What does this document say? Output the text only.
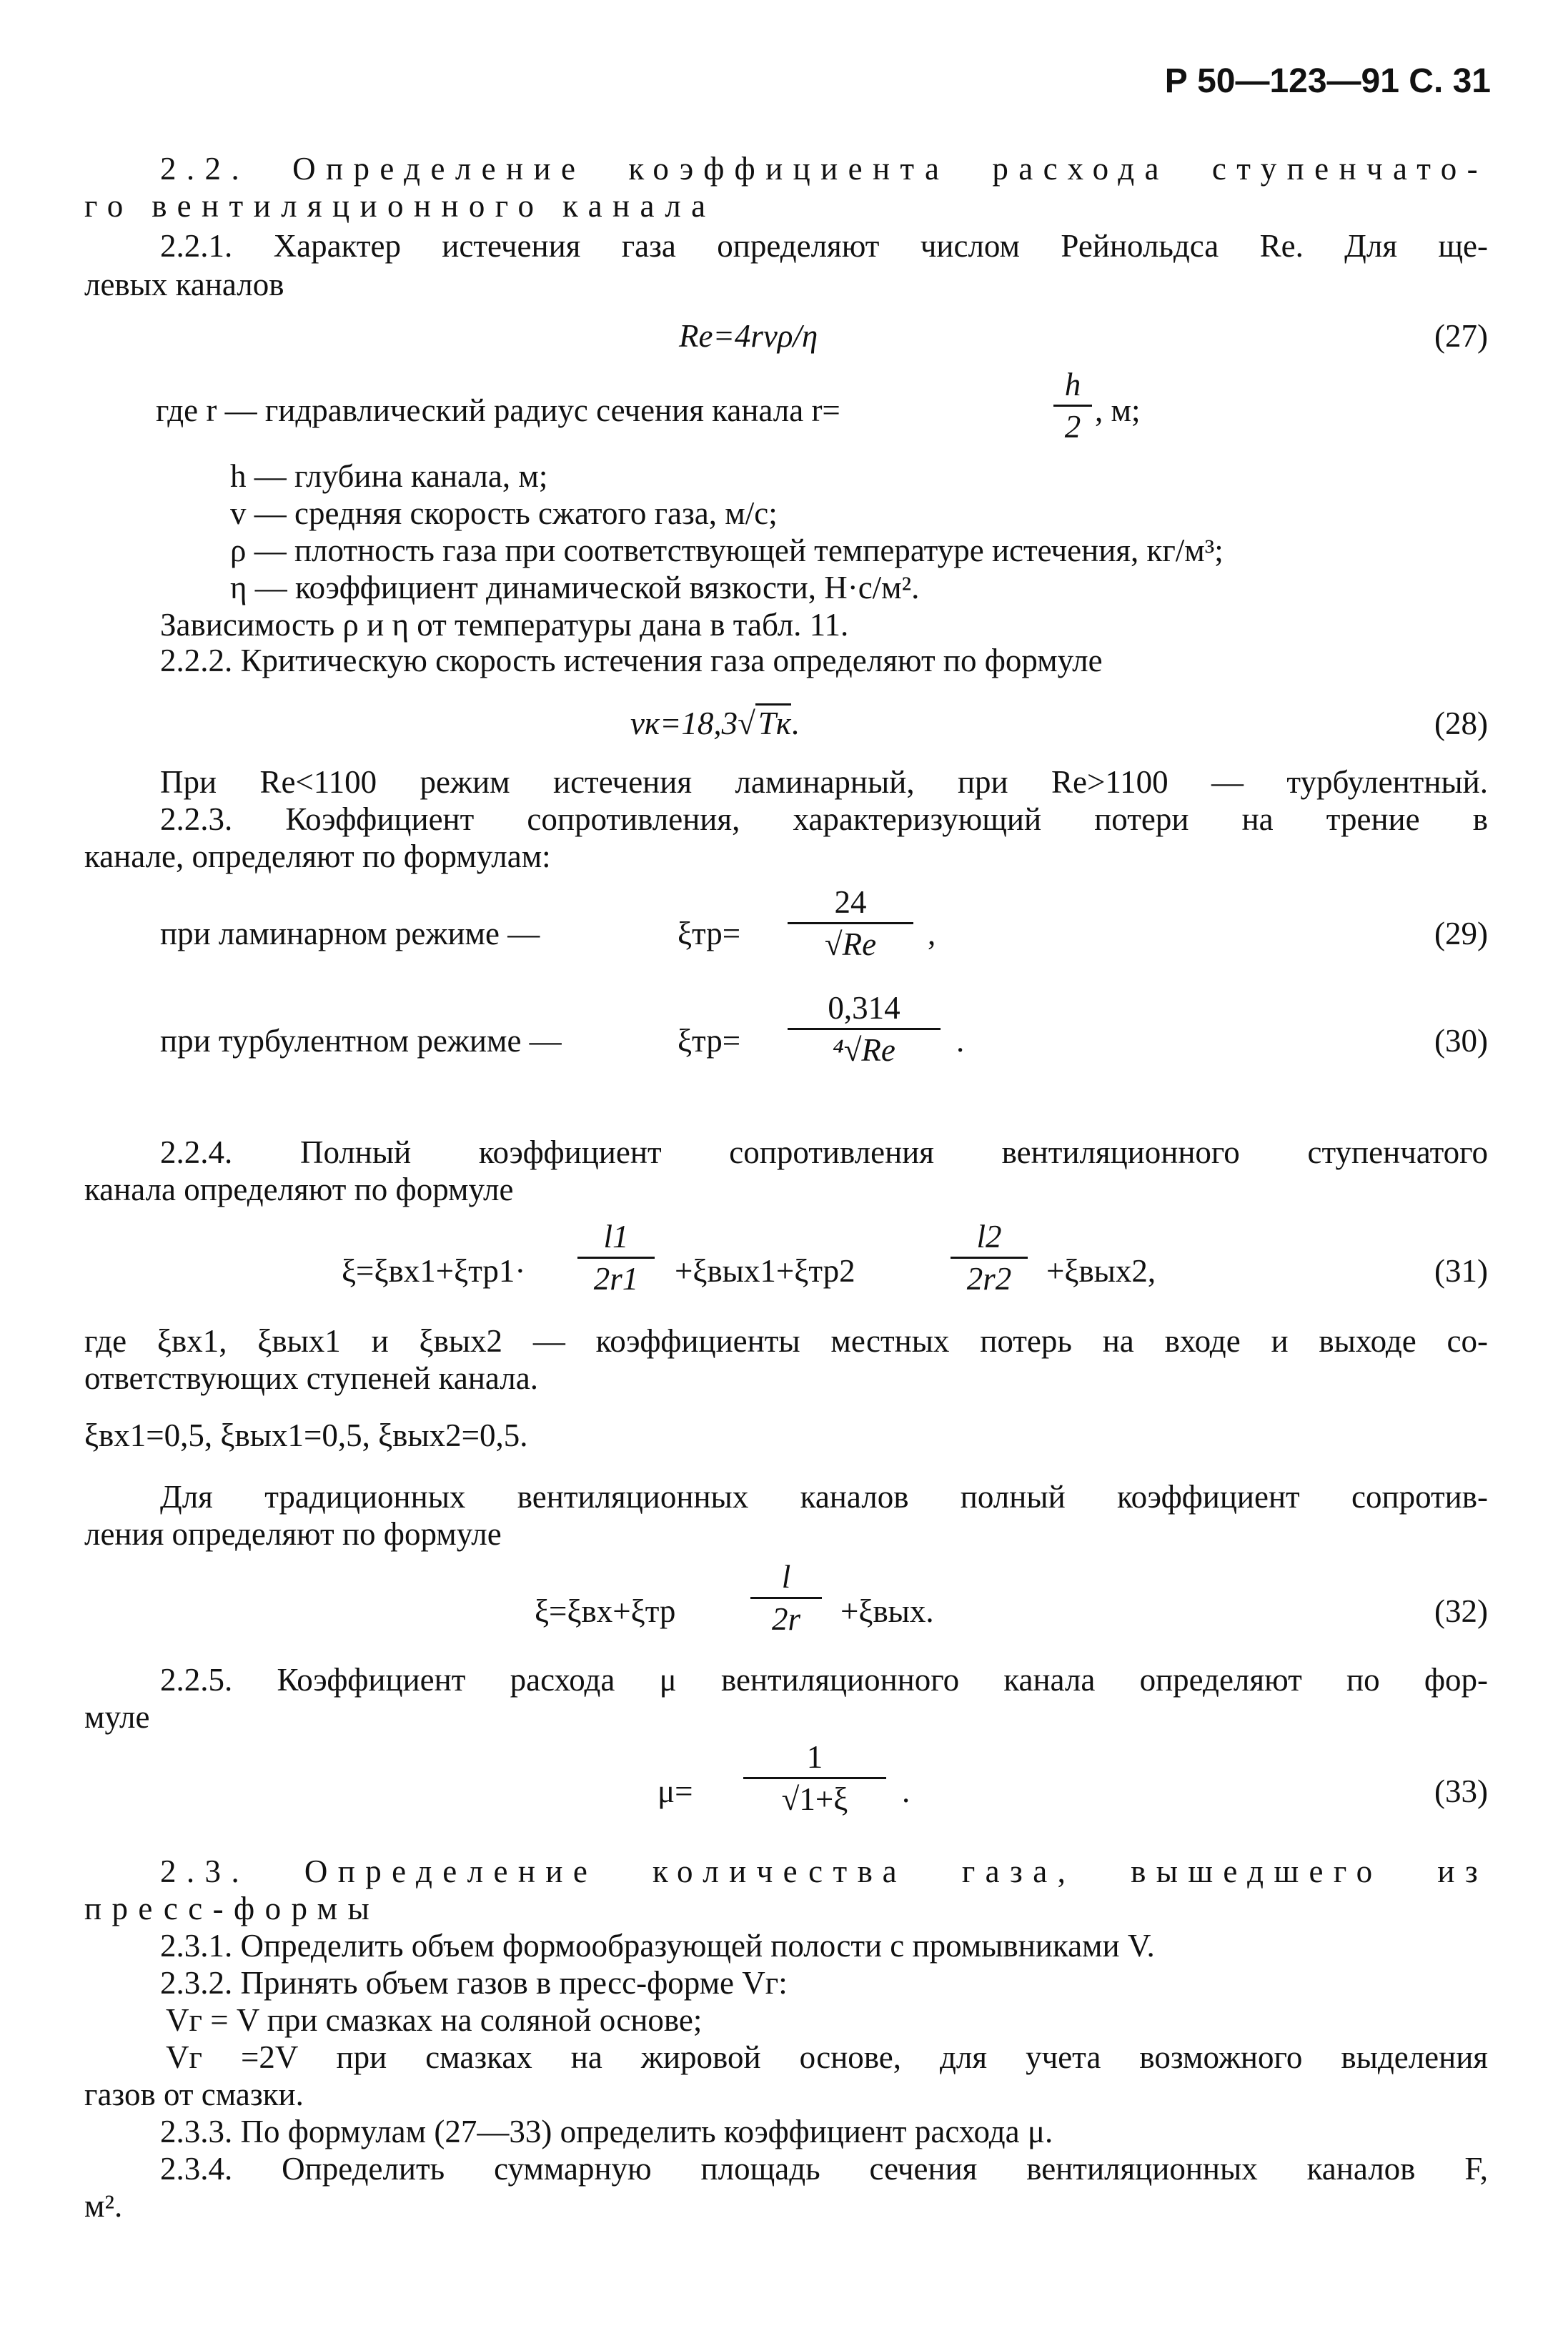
Р 50—123—91 С. 31
2.2. Определение коэффициента расхода ступенчато-
го вентиляционного канала
2.2.1. Характер истечения газа определяют числом Рейнольдса Re. Для ще-
левых каналов
Re=4rvρ/η	(27)
где r — гидравлический радиус сечения канала r=
h
2 , м;
h — глубина канала, м;
v — средняя скорость сжатого газа, м/с;
ρ — плотность газа при соответствующей температуре истечения, кг/м³;
η — коэффициент динамической вязкости, Н·с/м².
Зависимость ρ и η от температуры дана в табл. 11.
2.2.2. Критическую скорость истечения газа определяют по формуле
vк=18,3√Tк.	(28)
При Re<1100 режим истечения ламинарный, при Re>1100 — турбулентный.
2.2.3. Коэффициент сопротивления, характеризующий потери на трение в
канале, определяют по формулам:
при ламинарном режиме —	ξтр=
24
√Re	,	(29)
при турбулентном режиме —	ξтр=
0,314
⁴√Re	.	(30)
2.2.4. Полный коэффициент сопротивления вентиляционного ступенчатого
канала определяют по формуле
ξ=ξвх1+ξтр1·
l1
2r1	+ξвых1+ξтр2
l2
2r2	+ξвых2,	(31)
где ξвх1, ξвых1 и ξвых2 — коэффициенты местных потерь на входе и выходе со-
ответствующих ступеней канала.
ξвх1=0,5, ξвых1=0,5, ξвых2=0,5.
Для традиционных вентиляционных каналов полный коэффициент сопротив-
ления определяют по формуле
ξ=ξвх+ξтр
l
2r	+ξвых.	(32)
2.2.5. Коэффициент расхода μ вентиляционного канала определяют по фор-
муле
μ=
1
√1+ξ	.	(33)
2.3. Определение количества газа, вышедшего из
пресс-формы
2.3.1. Определить объем формообразующей полости с промывниками V.
2.3.2. Принять объем газов в пресс-форме Vг:
Vг = V при смазках на соляной основе;
Vг =2V при смазках на жировой основе, для учета возможного выделения
газов от смазки.
2.3.3. По формулам (27—33) определить коэффициент расхода μ.
2.3.4. Определить суммарную площадь сечения вентиляционных каналов F,
м².
